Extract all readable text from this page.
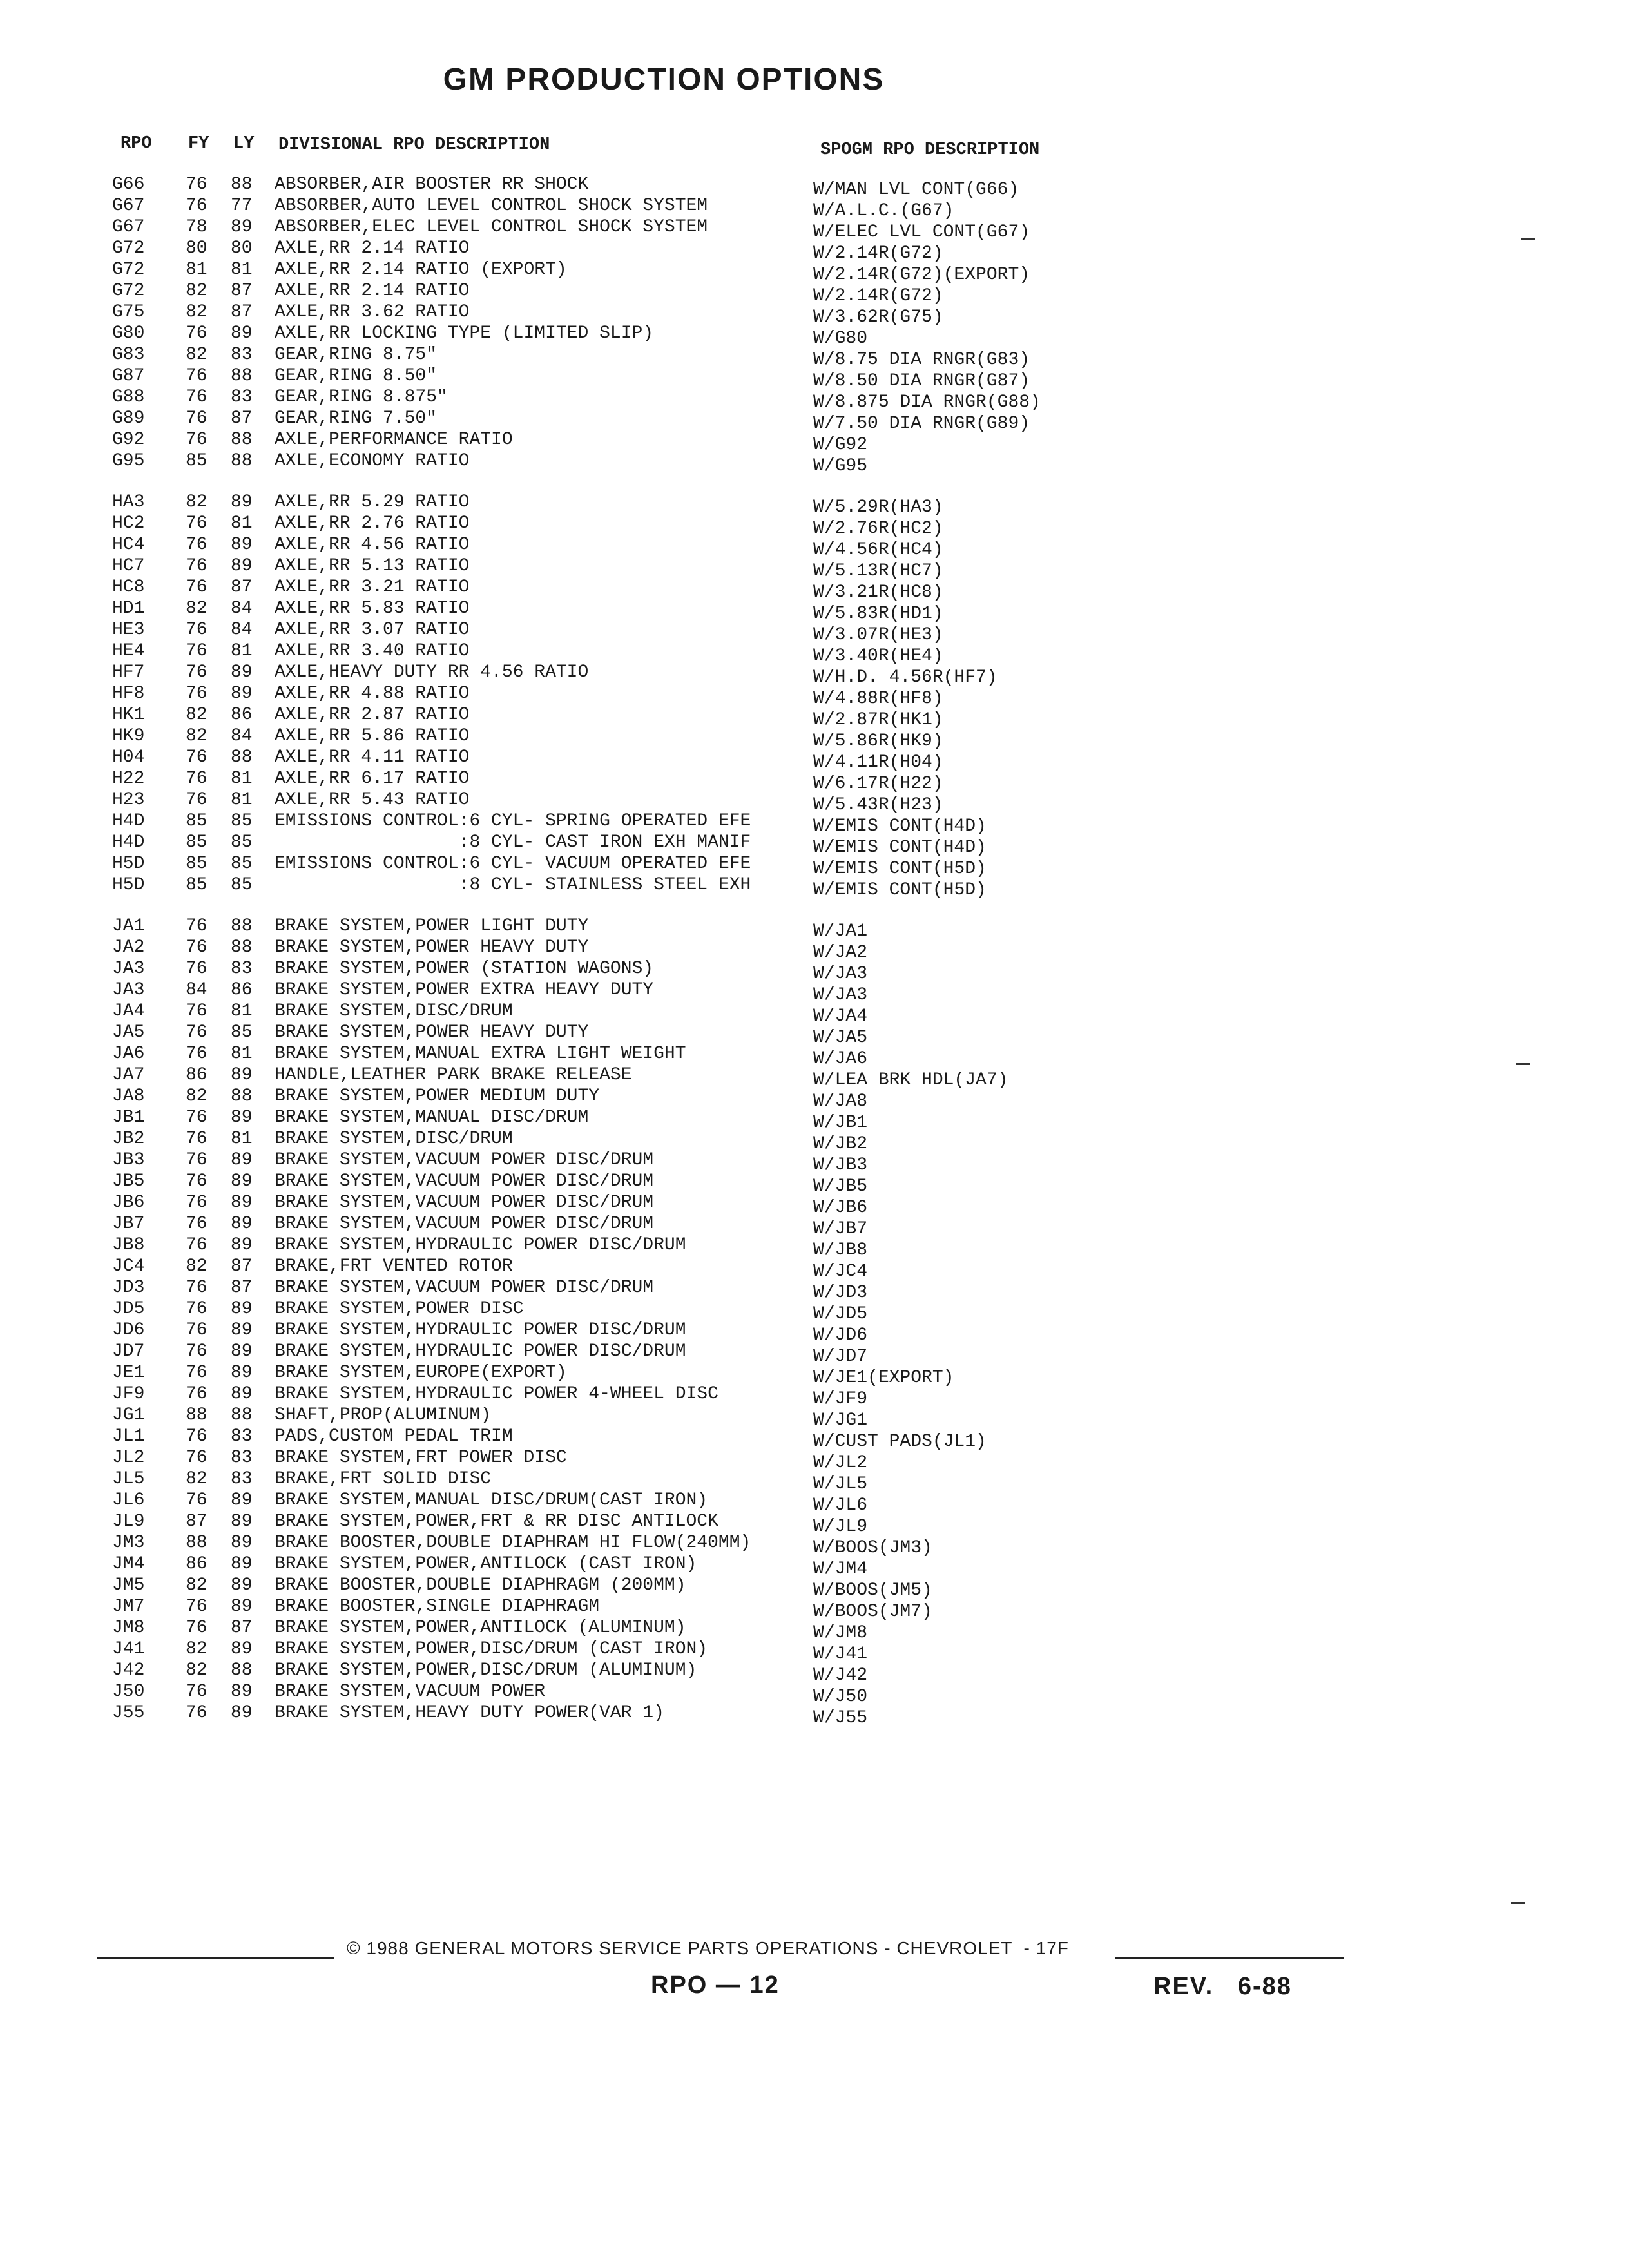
GM PRODUCTION OPTIONS
RPO FY LY DIVISIONAL RPO DESCRIPTION	SPOGM RPO DESCRIPTION
G66 76 88 ABSORBER,AIR BOOSTER RR SHOCK	W/MAN LVL CONT(G66)
G67 76 77 ABSORBER,AUTO LEVEL CONTROL SHOCK SYSTEM	W/A.L.C.(G67)
G67 78 89 ABSORBER,ELEC LEVEL CONTROL SHOCK SYSTEM	W/ELEC LVL CONT(G67)
G72 80 80 AXLE,RR 2.14 RATIO	W/2.14R(G72)
G72 81 81 AXLE,RR 2.14 RATIO (EXPORT)	W/2.14R(G72)(EXPORT)
G72 82 87 AXLE,RR 2.14 RATIO	W/2.14R(G72)
G75 82 87 AXLE,RR 3.62 RATIO	W/3.62R(G75)
G80 76 89 AXLE,RR LOCKING TYPE (LIMITED SLIP)	W/G80
G83 82 83 GEAR,RING 8.75"	W/8.75 DIA RNGR(G83)
G87 76 88 GEAR,RING 8.50"	W/8.50 DIA RNGR(G87)
G88 76 83 GEAR,RING 8.875"	W/8.875 DIA RNGR(G88)
G89 76 87 GEAR,RING 7.50"	W/7.50 DIA RNGR(G89)
G92 76 88 AXLE,PERFORMANCE RATIO	W/G92
G95 85 88 AXLE,ECONOMY RATIO	W/G95
HA3 82 89 AXLE,RR 5.29 RATIO	W/5.29R(HA3)
HC2 76 81 AXLE,RR 2.76 RATIO	W/2.76R(HC2)
HC4 76 89 AXLE,RR 4.56 RATIO	W/4.56R(HC4)
HC7 76 89 AXLE,RR 5.13 RATIO	W/5.13R(HC7)
HC8 76 87 AXLE,RR 3.21 RATIO	W/3.21R(HC8)
HD1 82 84 AXLE,RR 5.83 RATIO	W/5.83R(HD1)
HE3 76 84 AXLE,RR 3.07 RATIO	W/3.07R(HE3)
HE4 76 81 AXLE,RR 3.40 RATIO	W/3.40R(HE4)
HF7 76 89 AXLE,HEAVY DUTY RR 4.56 RATIO	W/H.D. 4.56R(HF7)
HF8 76 89 AXLE,RR 4.88 RATIO	W/4.88R(HF8)
HK1 82 86 AXLE,RR 2.87 RATIO	W/2.87R(HK1)
HK9 82 84 AXLE,RR 5.86 RATIO	W/5.86R(HK9)
H04 76 88 AXLE,RR 4.11 RATIO	W/4.11R(H04)
H22 76 81 AXLE,RR 6.17 RATIO	W/6.17R(H22)
H23 76 81 AXLE,RR 5.43 RATIO	W/5.43R(H23)
H4D 85 85 EMISSIONS CONTROL:6 CYL- SPRING OPERATED EFE	W/EMIS CONT(H4D)
H4D 85 85 :8 CYL- CAST IRON EXH MANIF	W/EMIS CONT(H4D)
H5D 85 85 EMISSIONS CONTROL:6 CYL- VACUUM OPERATED EFE	W/EMIS CONT(H5D)
H5D 85 85 :8 CYL- STAINLESS STEEL EXH	W/EMIS CONT(H5D)
JA1 76 88 BRAKE SYSTEM,POWER LIGHT DUTY	W/JA1
JA2 76 88 BRAKE SYSTEM,POWER HEAVY DUTY	W/JA2
JA3 76 83 BRAKE SYSTEM,POWER (STATION WAGONS)	W/JA3
JA3 84 86 BRAKE SYSTEM,POWER EXTRA HEAVY DUTY	W/JA3
JA4 76 81 BRAKE SYSTEM,DISC/DRUM	W/JA4
JA5 76 85 BRAKE SYSTEM,POWER HEAVY DUTY	W/JA5
JA6 76 81 BRAKE SYSTEM,MANUAL EXTRA LIGHT WEIGHT	W/JA6
JA7 86 89 HANDLE,LEATHER PARK BRAKE RELEASE	W/LEA BRK HDL(JA7)
JA8 82 88 BRAKE SYSTEM,POWER MEDIUM DUTY	W/JA8
JB1 76 89 BRAKE SYSTEM,MANUAL DISC/DRUM	W/JB1
JB2 76 81 BRAKE SYSTEM,DISC/DRUM	W/JB2
JB3 76 89 BRAKE SYSTEM,VACUUM POWER DISC/DRUM	W/JB3
JB5 76 89 BRAKE SYSTEM,VACUUM POWER DISC/DRUM	W/JB5
JB6 76 89 BRAKE SYSTEM,VACUUM POWER DISC/DRUM	W/JB6
JB7 76 89 BRAKE SYSTEM,VACUUM POWER DISC/DRUM	W/JB7
JB8 76 89 BRAKE SYSTEM,HYDRAULIC POWER DISC/DRUM	W/JB8
JC4 82 87 BRAKE,FRT VENTED ROTOR	W/JC4
JD3 76 87 BRAKE SYSTEM,VACUUM POWER DISC/DRUM	W/JD3
JD5 76 89 BRAKE SYSTEM,POWER DISC	W/JD5
JD6 76 89 BRAKE SYSTEM,HYDRAULIC POWER DISC/DRUM	W/JD6
JD7 76 89 BRAKE SYSTEM,HYDRAULIC POWER DISC/DRUM	W/JD7
JE1 76 89 BRAKE SYSTEM,EUROPE(EXPORT)	W/JE1(EXPORT)
JF9 76 89 BRAKE SYSTEM,HYDRAULIC POWER 4-WHEEL DISC	W/JF9
JG1 88 88 SHAFT,PROP(ALUMINUM)	W/JG1
JL1 76 83 PADS,CUSTOM PEDAL TRIM	W/CUST PADS(JL1)
JL2 76 83 BRAKE SYSTEM,FRT POWER DISC	W/JL2
JL5 82 83 BRAKE,FRT SOLID DISC	W/JL5
JL6 76 89 BRAKE SYSTEM,MANUAL DISC/DRUM(CAST IRON)	W/JL6
JL9 87 89 BRAKE SYSTEM,POWER,FRT & RR DISC ANTILOCK	W/JL9
JM3 88 89 BRAKE BOOSTER,DOUBLE DIAPHRAM HI FLOW(240MM)	W/BOOS(JM3)
JM4 86 89 BRAKE SYSTEM,POWER,ANTILOCK (CAST IRON)	W/JM4
JM5 82 89 BRAKE BOOSTER,DOUBLE DIAPHRAGM (200MM)	W/BOOS(JM5)
JM7 76 89 BRAKE BOOSTER,SINGLE DIAPHRAGM	W/BOOS(JM7)
JM8 76 87 BRAKE SYSTEM,POWER,ANTILOCK (ALUMINUM)	W/JM8
J41 82 89 BRAKE SYSTEM,POWER,DISC/DRUM (CAST IRON)	W/J41
J42 82 88 BRAKE SYSTEM,POWER,DISC/DRUM (ALUMINUM)	W/J42
J50 76 89 BRAKE SYSTEM,VACUUM POWER	W/J50
J55 76 89 BRAKE SYSTEM,HEAVY DUTY POWER(VAR 1)	W/J55
© 1988 GENERAL MOTORS SERVICE PARTS OPERATIONS - CHEVROLET  - 17F
RPO — 12	REV.   6-88
